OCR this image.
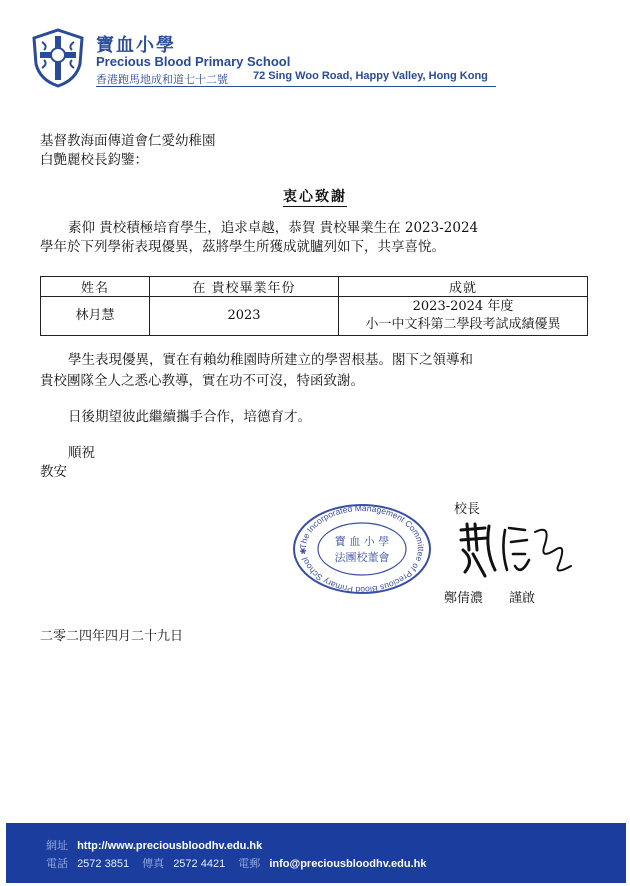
寶血小學
Precious Blood Primary School
香港跑馬地成和道七十二號 72 Sing Woo Road, Happy Valley, Hong Kong
基督教海面傳道會仁愛幼稚園
白艷麗校長鈞鑒：
衷心致謝
素仰 貴校積極培育學生，追求卓越，恭賀 貴校畢業生在 2023-2024
學年於下列學術表現優異，茲將學生所獲成就臚列如下，共享喜悅。
姓名	在 貴校畢業年份	成就
林月慧	2023	2023-2024 年度
小一中文科第二學段考試成績優異
學生表現優異，實在有賴幼稚園時所建立的學習根基。閣下之領導和
貴校團隊全人之悉心教導，實在功不可沒，特函致謝。
日後期望彼此繼續攜手合作，培德育才。
順祝
教安
校長
The Incorporated Management Committee of Precious Blood Primary School ✱
寶 血 小 學
法團校董會
鄭倩濃　　謹啟
二零二四年四月二十九日
網址 http://www.preciousbloodhv.edu.hk
電話 2572 3851 傳真 2572 4421 電郵 info@preciousbloodhv.edu.hk
